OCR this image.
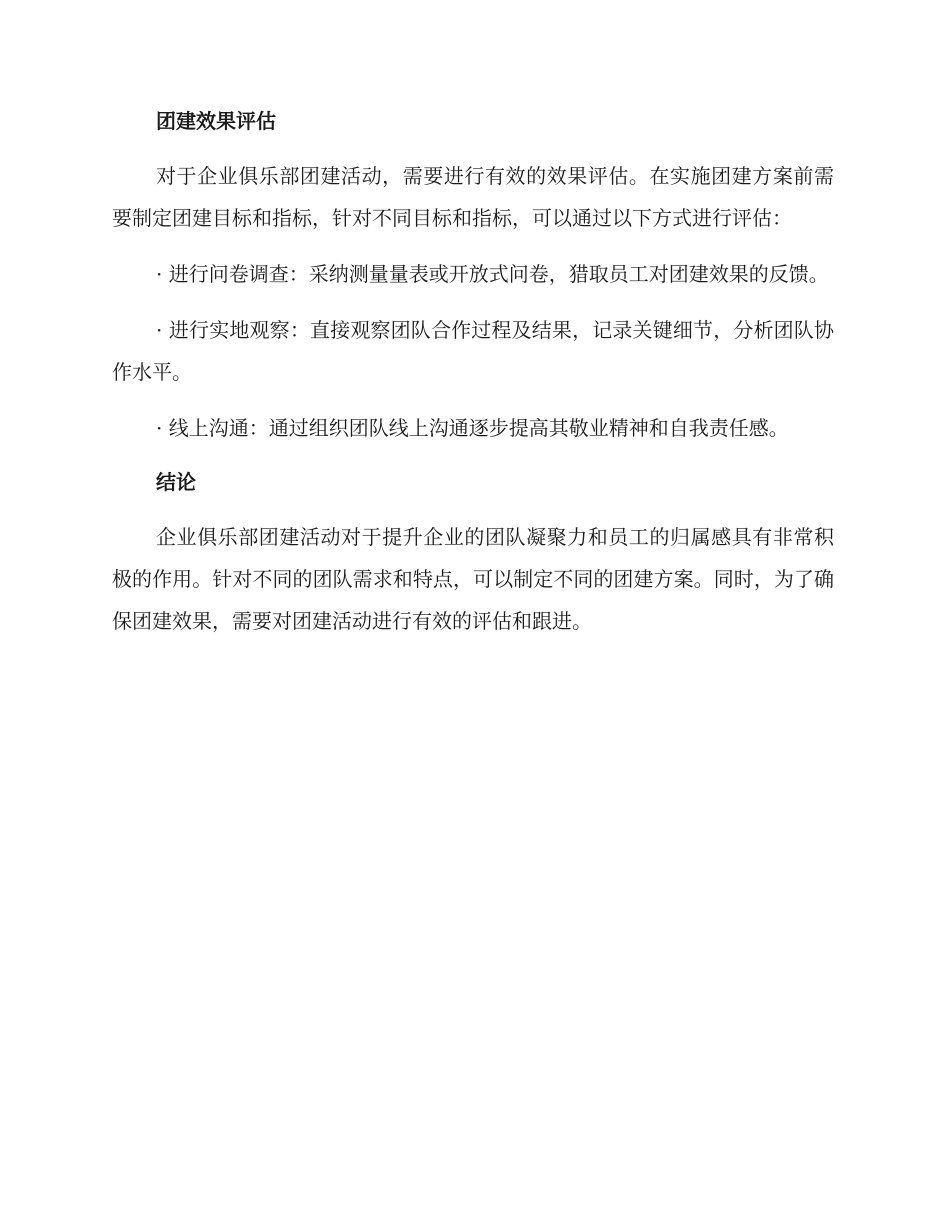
团建效果评估

对于企业俱乐部团建活动，需要进行有效的效果评估。在实施团建方案前需要制定团建目标和指标，针对不同目标和指标，可以通过以下方式进行评估：

· 进行问卷调查：采纳测量量表或开放式问卷，猎取员工对团建效果的反馈。

· 进行实地观察：直接观察团队合作过程及结果，记录关键细节，分析团队协作水平。

· 线上沟通：通过组织团队线上沟通逐步提高其敬业精神和自我责任感。

结论

企业俱乐部团建活动对于提升企业的团队凝聚力和员工的归属感具有非常积极的作用。针对不同的团队需求和特点，可以制定不同的团建方案。同时，为了确保团建效果，需要对团建活动进行有效的评估和跟进。
